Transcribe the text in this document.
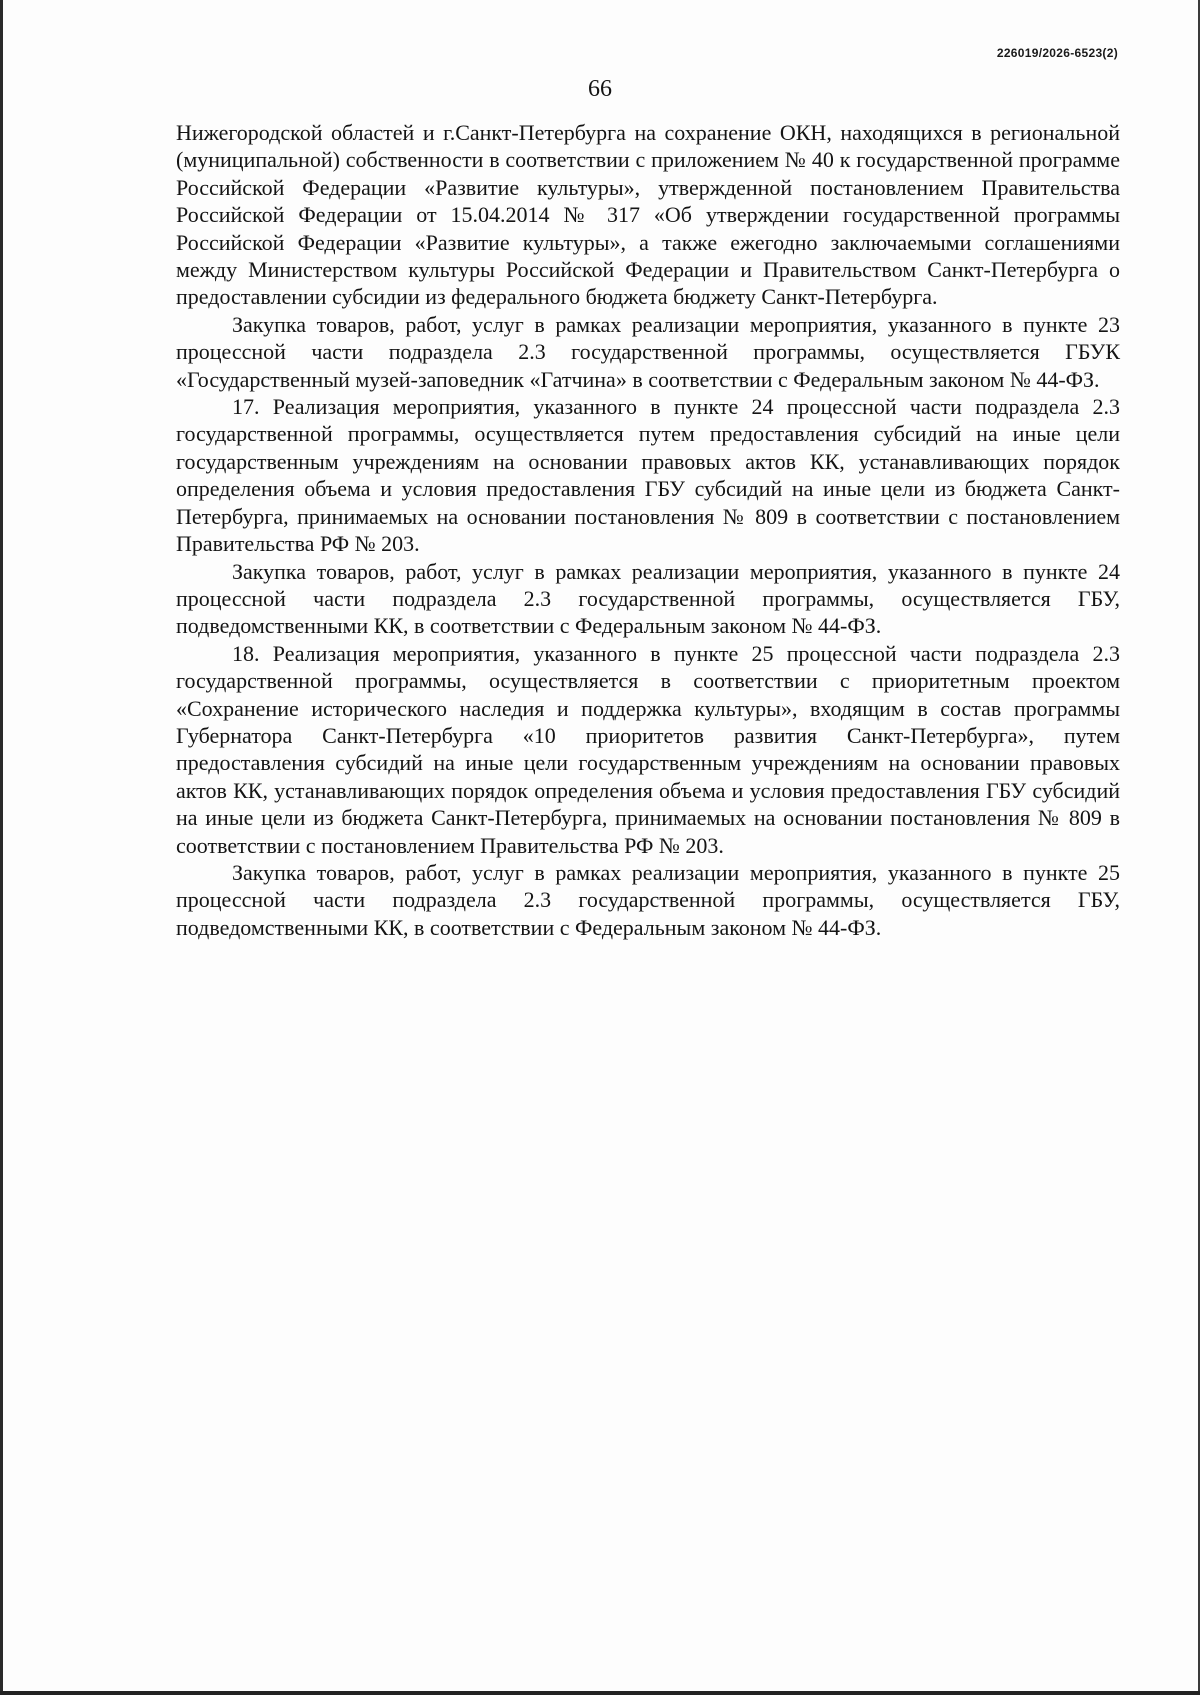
226019/2026-6523(2)
66

Нижегородской областей и г.Санкт-Петербурга на сохранение ОКН, находящихся в региональной (муниципальной) собственности в соответствии с приложением № 40 к государственной программе Российской Федерации «Развитие культуры», утвержденной постановлением Правительства Российской Федерации от 15.04.2014 № 317 «Об утверждении государственной программы Российской Федерации «Развитие культуры», а также ежегодно заключаемыми соглашениями между Министерством культуры Российской Федерации и Правительством Санкт-Петербурга о предоставлении субсидии из федерального бюджета бюджету Санкт-Петербурга.

Закупка товаров, работ, услуг в рамках реализации мероприятия, указанного в пункте 23 процессной части подраздела 2.3 государственной программы, осуществляется ГБУК «Государственный музей-заповедник «Гатчина» в соответствии с Федеральным законом № 44-ФЗ.

17. Реализация мероприятия, указанного в пункте 24 процессной части подраздела 2.3 государственной программы, осуществляется путем предоставления субсидий на иные цели государственным учреждениям на основании правовых актов КК, устанавливающих порядок определения объема и условия предоставления ГБУ субсидий на иные цели из бюджета Санкт-Петербурга, принимаемых на основании постановления № 809 в соответствии с постановлением Правительства РФ № 203.

Закупка товаров, работ, услуг в рамках реализации мероприятия, указанного в пункте 24 процессной части подраздела 2.3 государственной программы, осуществляется ГБУ, подведомственными КК, в соответствии с Федеральным законом № 44-ФЗ.

18. Реализация мероприятия, указанного в пункте 25 процессной части подраздела 2.3 государственной программы, осуществляется в соответствии с приоритетным проектом «Сохранение исторического наследия и поддержка культуры», входящим в состав программы Губернатора Санкт-Петербурга «10 приоритетов развития Санкт-Петербурга», путем предоставления субсидий на иные цели государственным учреждениям на основании правовых актов КК, устанавливающих порядок определения объема и условия предоставления ГБУ субсидий на иные цели из бюджета Санкт-Петербурга, принимаемых на основании постановления № 809 в соответствии с постановлением Правительства РФ № 203.

Закупка товаров, работ, услуг в рамках реализации мероприятия, указанного в пункте 25 процессной части подраздела 2.3 государственной программы, осуществляется ГБУ, подведомственными КК, в соответствии с Федеральным законом № 44-ФЗ.
